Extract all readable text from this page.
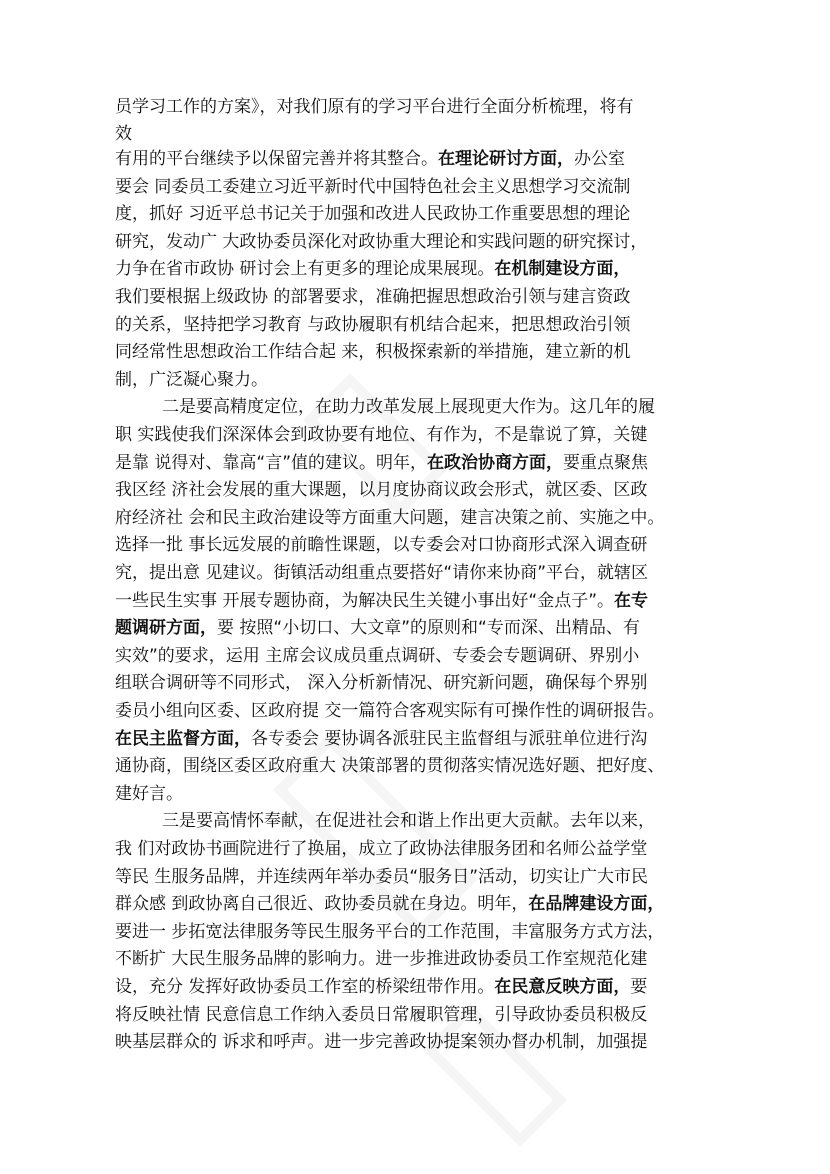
员学习工作的方案》，对我们原有的学习平台进行全面分析梳理，将有
效
有用的平台继续予以保留完善并将其整合。在理论研讨方面，办公室
要会 同委员工委建立习近平新时代中国特色社会主义思想学习交流制
度，抓好 习近平总书记关于加强和改进人民政协工作重要思想的理论
研究，发动广 大政协委员深化对政协重大理论和实践问题的研究探讨，
力争在省市政协 研讨会上有更多的理论成果展现。在机制建设方面，
我们要根据上级政协 的部署要求，准确把握思想政治引领与建言资政
的关系，坚持把学习教育 与政协履职有机结合起来，把思想政治引领
同经常性思想政治工作结合起 来，积极探索新的举措施，建立新的机
制，广泛凝心聚力。
二是要高精度定位，在助力改革发展上展现更大作为。这几年的履
职 实践使我们深深体会到政协要有地位、有作为，不是靠说了算，关键
是靠 说得对、靠高“言”值的建议。明年，在政治协商方面，要重点聚焦
我区经 济社会发展的重大课题，以月度协商议政会形式，就区委、区政
府经济社 会和民主政治建设等方面重大问题，建言决策之前、实施之中。
选择一批 事长远发展的前瞻性课题，以专委会对口协商形式深入调查研
究，提出意 见建议。街镇活动组重点要搭好“请你来协商”平台，就辖区
一些民生实事 开展专题协商，为解决民生关键小事出好“金点子”。在专
题调研方面，要 按照“小切口、大文章”的原则和“专而深、出精品、有
实效”的要求，运用 主席会议成员重点调研、专委会专题调研、界别小
组联合调研等不同形式， 深入分析新情况、研究新问题，确保每个界别
委员小组向区委、区政府提 交一篇符合客观实际有可操作性的调研报告。
在民主监督方面，各专委会 要协调各派驻民主监督组与派驻单位进行沟
通协商，围绕区委区政府重大 决策部署的贯彻落实情况选好题、把好度、
建好言。
三是要高情怀奉献，在促进社会和谐上作出更大贡献。去年以来，
我 们对政协书画院进行了换届，成立了政协法律服务团和名师公益学堂
等民 生服务品牌，并连续两年举办委员“服务日”活动，切实让广大市民
群众感 到政协离自己很近、政协委员就在身边。明年，在品牌建设方面，
要进一 步拓宽法律服务等民生服务平台的工作范围，丰富服务方式方法，
不断扩 大民生服务品牌的影响力。进一步推进政协委员工作室规范化建
设，充分 发挥好政协委员工作室的桥梁纽带作用。在民意反映方面，要
将反映社情 民意信息工作纳入委员日常履职管理，引导政协委员积极反
映基层群众的 诉求和呼声。进一步完善政协提案领办督办机制，加强提
